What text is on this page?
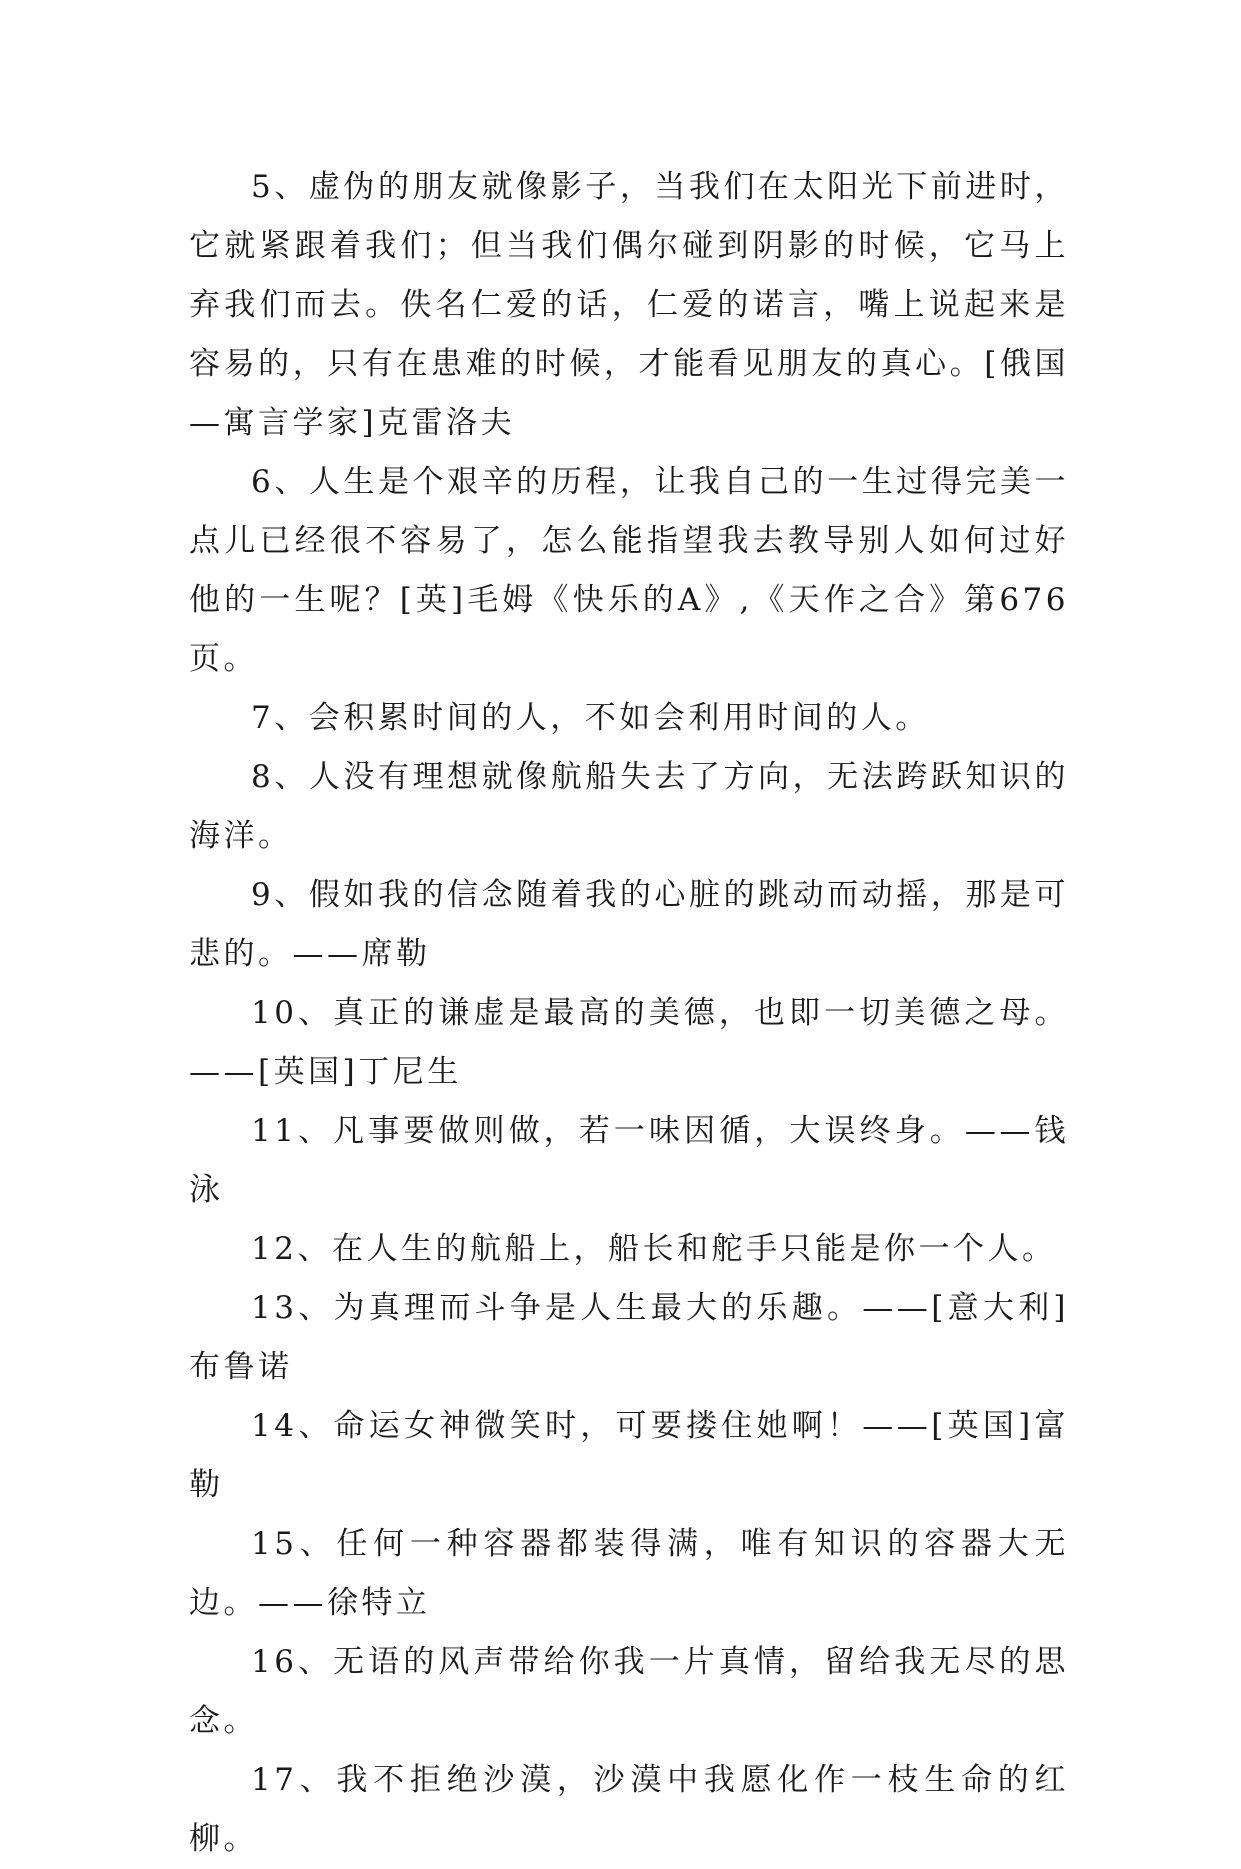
5、虚伪的朋友就像影子，当我们在太阳光下前进时，它就紧跟着我们；但当我们偶尔碰到阴影的时候，它马上弃我们而去。佚名仁爱的话，仁爱的诺言，嘴上说起来是容易的，只有在患难的时候，才能看见朋友的真心。[俄国—寓言学家]克雷洛夫

6、人生是个艰辛的历程，让我自己的一生过得完美一点儿已经很不容易了，怎么能指望我去教导别人如何过好他的一生呢？[英]毛姆《快乐的A》,《天作之合》第676页。

7、会积累时间的人，不如会利用时间的人。

8、人没有理想就像航船失去了方向，无法跨跃知识的海洋。

9、假如我的信念随着我的心脏的跳动而动摇，那是可悲的。——席勒

10、真正的谦虚是最高的美德，也即一切美德之母。——[英国]丁尼生

11、凡事要做则做，若一味因循，大误终身。——钱泳

12、在人生的航船上，船长和舵手只能是你一个人。

13、为真理而斗争是人生最大的乐趣。——[意大利]布鲁诺

14、命运女神微笑时，可要搂住她啊！——[英国]富勒

15、任何一种容器都装得满，唯有知识的容器大无边。——徐特立

16、无语的风声带给你我一片真情，留给我无尽的思念。

17、我不拒绝沙漠，沙漠中我愿化作一枝生命的红柳。
